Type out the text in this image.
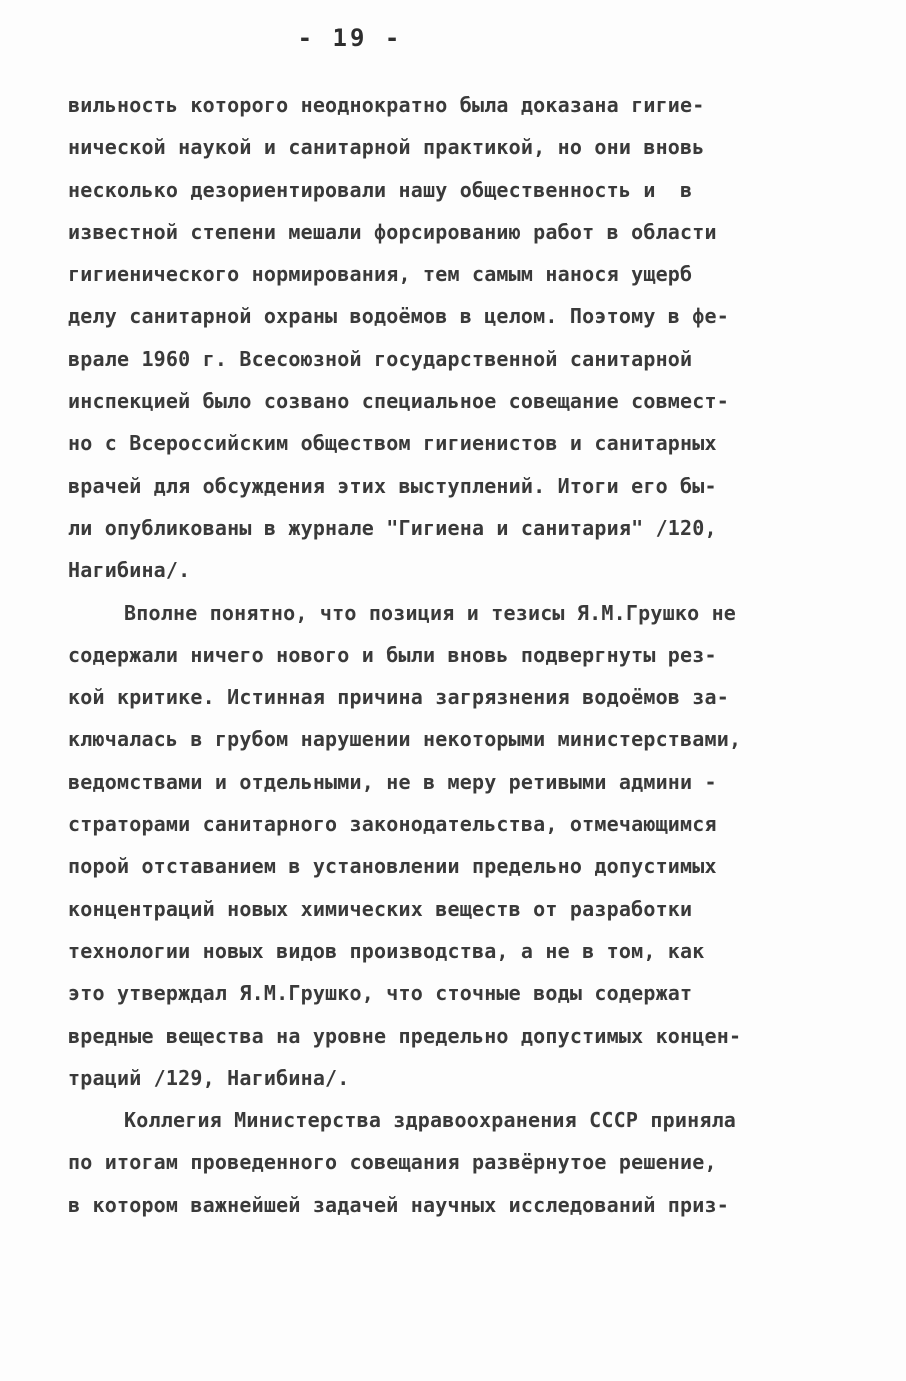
- 19 -
вильность которого неоднократно была доказана гигие-
нической наукой и санитарной практикой, но они вновь
несколько дезориентировали нашу общественность и  в
известной степени мешали форсированию работ в области
гигиенического нормирования, тем самым нанося ущерб
делу санитарной охраны водоёмов в целом. Поэтому в фе-
врале 1960 г. Всесоюзной государственной санитарной
инспекцией было созвано специальное совещание совмест-
но с Всероссийским обществом гигиенистов и санитарных
врачей для обсуждения этих выступлений. Итоги его бы-
ли опубликованы в журнале "Гигиена и санитария" /120,
Нагибина/.
Вполне понятно, что позиция и тезисы Я.М.Грушко не
содержали ничего нового и были вновь подвергнуты рез-
кой критике. Истинная причина загрязнения водоёмов за-
ключалась в грубом нарушении некоторыми министерствами,
ведомствами и отдельными, не в меру ретивыми админи -
страторами санитарного законодательства, отмечающимся
порой отставанием в установлении предельно допустимых
концентраций новых химических веществ от разработки
технологии новых видов производства, а не в том, как
это утверждал Я.М.Грушко, что сточные воды содержат
вредные вещества на уровне предельно допустимых концен-
траций /129, Нагибина/.
Коллегия Министерства здравоохранения СССР приняла
по итогам проведенного совещания развёрнутое решение,
в котором важнейшей задачей научных исследований приз-
